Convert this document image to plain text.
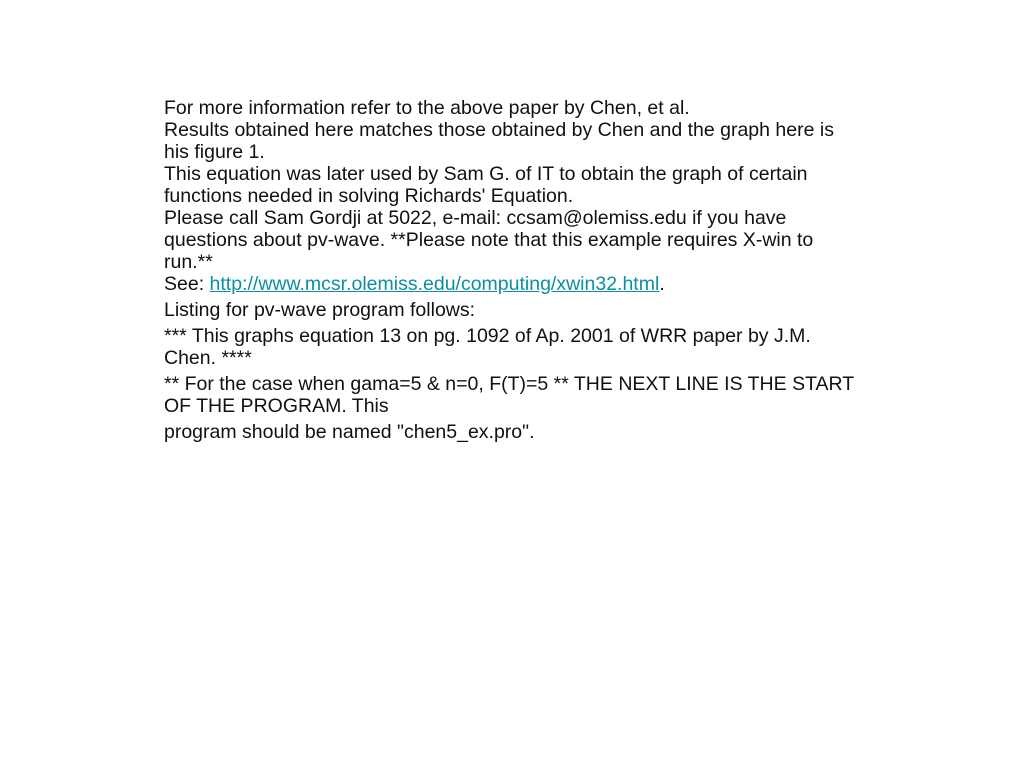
For more information refer to the above paper by Chen, et al.
Results obtained here matches those obtained by Chen and the graph here is his figure 1.
This equation was later used by Sam G. of IT to obtain the graph of certain functions needed in solving Richards' Equation.
Please call Sam Gordji at 5022, e-mail: ccsam@olemiss.edu if you have questions about pv-wave. **Please note that this example requires X-win to run.**
See: http://www.mcsr.olemiss.edu/computing/xwin32.html.
Listing for pv-wave program follows:
*** This graphs equation 13 on pg. 1092 of Ap. 2001 of WRR paper by J.M. Chen. ****
** For the case when gama=5 & n=0, F(T)=5 ** THE NEXT LINE IS THE START OF THE PROGRAM. This
program should be named "chen5_ex.pro".
